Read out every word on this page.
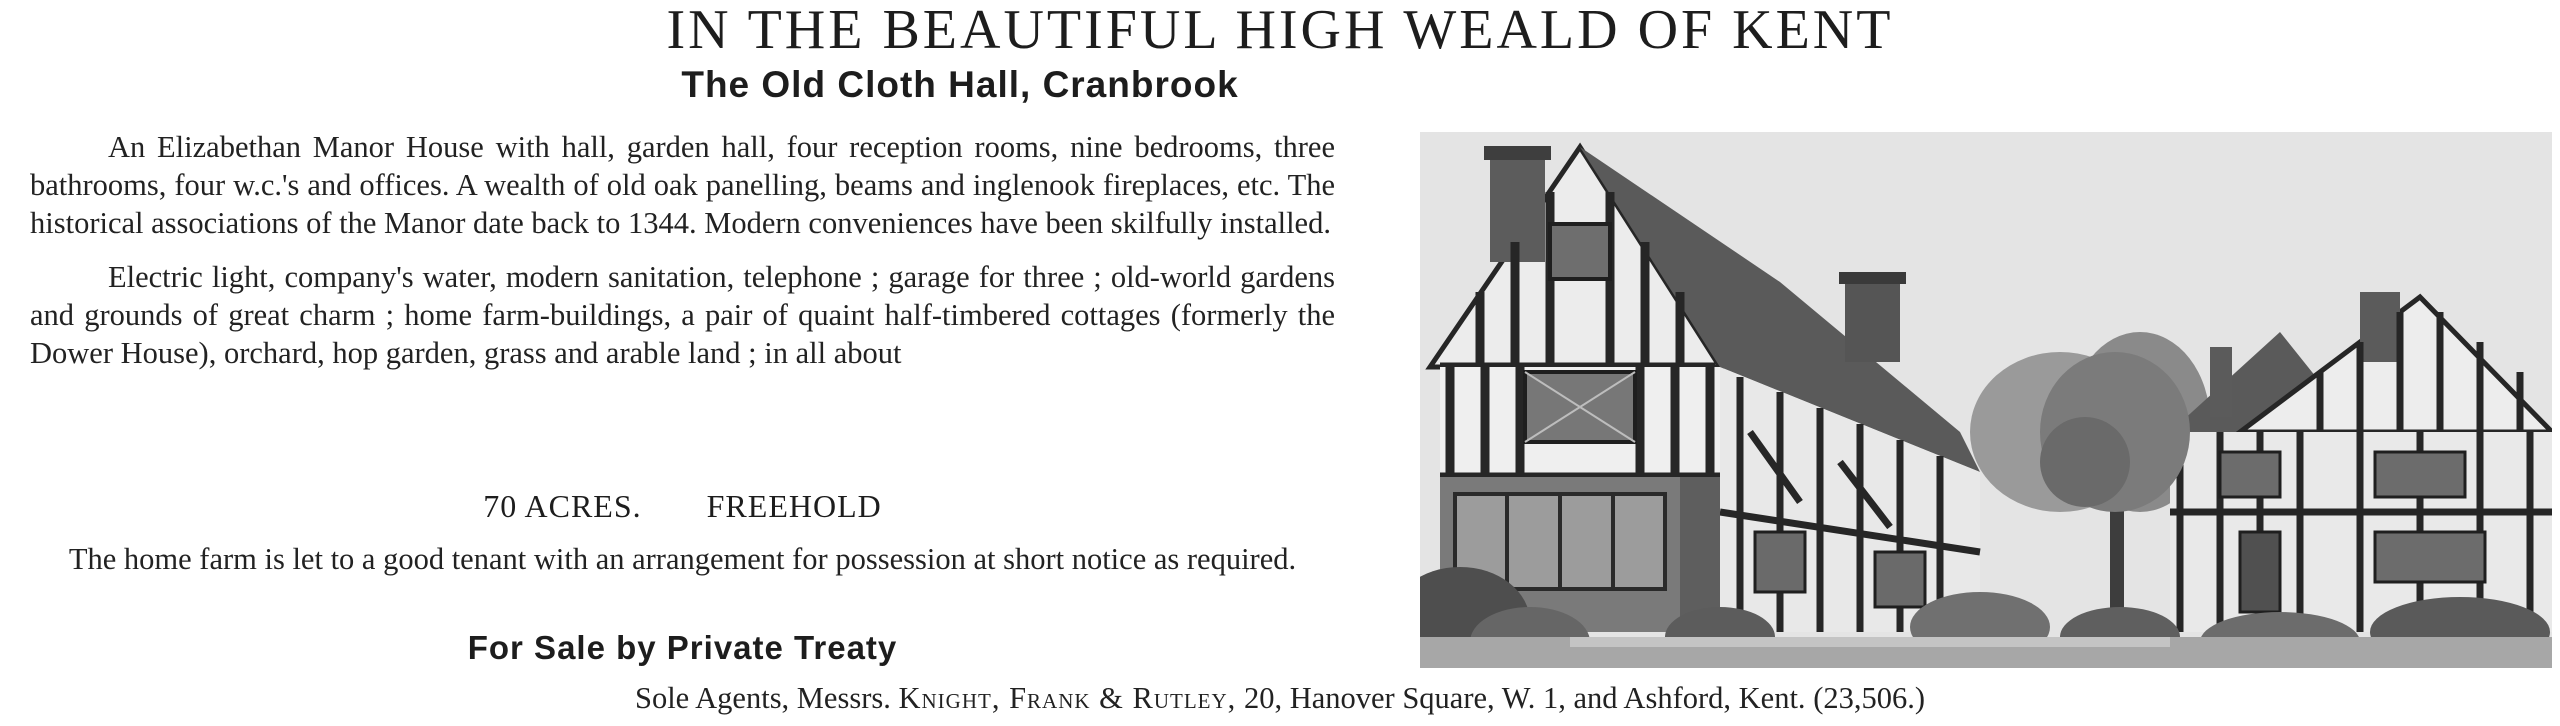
IN THE BEAUTIFUL HIGH WEALD OF KENT
The Old Cloth Hall, Cranbrook

An Elizabethan Manor House with hall, garden hall, four reception rooms, nine bedrooms, three bathrooms, four w.c.'s and offices. A wealth of old oak panelling, beams and inglenook fireplaces, etc. The historical associations of the Manor date back to 1344. Modern conveniences have been skilfully installed.

Electric light, company's water, modern sanitation, telephone ; garage for three ; old-world gardens and grounds of great charm ; home farm-buildings, a pair of quaint half-timbered cottages (formerly the Dower House), orchard, hop garden, grass and arable land ; in all about

70 ACRES. FREEHOLD

The home farm is let to a good tenant with an arrangement for possession at short notice as required.

For Sale by Private Treaty

Sole Agents, Messrs. Knight, Frank & Rutley, 20, Hanover Square, W. 1, and Ashford, Kent. (23,506.)
